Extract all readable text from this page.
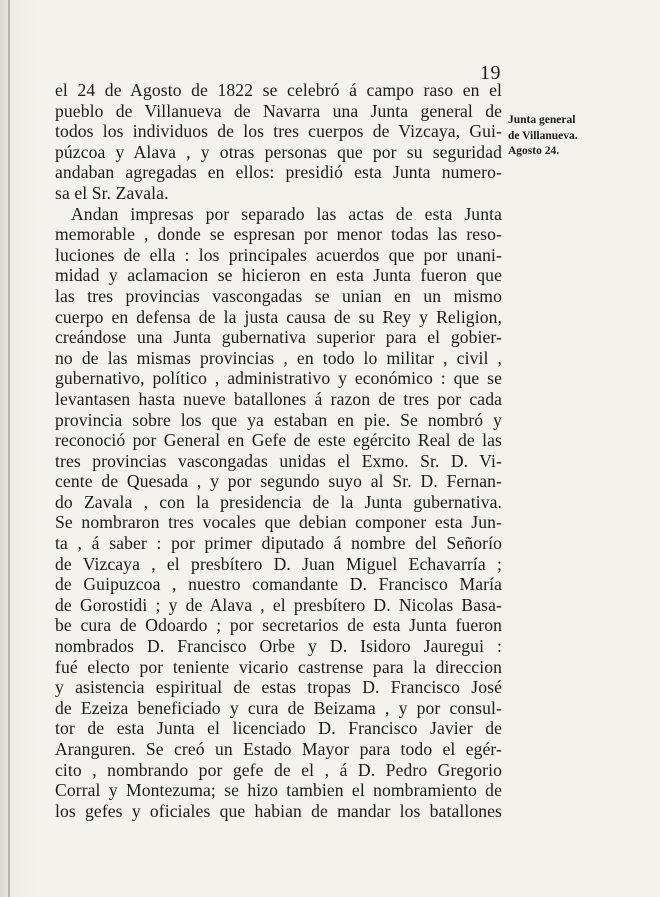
19
el 24 de Agosto de 1822 se celebró á campo raso en el
pueblo de Villanueva de Navarra una Junta general de
todos los individuos de los tres cuerpos de Vizcaya, Gui-
púzcoa y Alava , y otras personas que por su seguridad
andaban agregadas en ellos: presidió esta Junta numero-
sa el Sr. Zavala.
Andan impresas por separado las actas de esta Junta
memorable , donde se espresan por menor todas las reso-
luciones de ella : los principales acuerdos que por unani-
midad y aclamacion se hicieron en esta Junta fueron que
las tres provincias vascongadas se unian en un mismo
cuerpo en defensa de la justa causa de su Rey y Religion,
creándose una Junta gubernativa superior para el gobier-
no de las mismas provincias , en todo lo militar , civil ,
gubernativo, político , administrativo y económico : que se
levantasen hasta nueve batallones á razon de tres por cada
provincia sobre los que ya estaban en pie. Se nombró y
reconoció por General en Gefe de este egército Real de las
tres provincias vascongadas unidas el Exmo. Sr. D. Vi-
cente de Quesada , y por segundo suyo al Sr. D. Fernan-
do Zavala , con la presidencia de la Junta gubernativa.
Se nombraron tres vocales que debian componer esta Jun-
ta , á saber : por primer diputado á nombre del Señorío
de Vizcaya , el presbítero D. Juan Miguel Echavarría ;
de Guipuzcoa , nuestro comandante D. Francisco María
de Gorostidi ; y de Alava , el presbítero D. Nicolas Basa-
be cura de Odoardo ; por secretarios de esta Junta fueron
nombrados D. Francisco Orbe y D. Isidoro Jauregui :
fué electo por teniente vicario castrense para la direccion
y asistencia espiritual de estas tropas D. Francisco José
de Ezeiza beneficiado y cura de Beizama , y por consul-
tor de esta Junta el licenciado D. Francisco Javier de
Aranguren. Se creó un Estado Mayor para todo el egér-
cito , nombrando por gefe de el , á D. Pedro Gregorio
Corral y Montezuma; se hizo tambien el nombramiento de
los gefes y oficiales que habian de mandar los batallones
Junta general
de Villanueva.
Agosto 24.
